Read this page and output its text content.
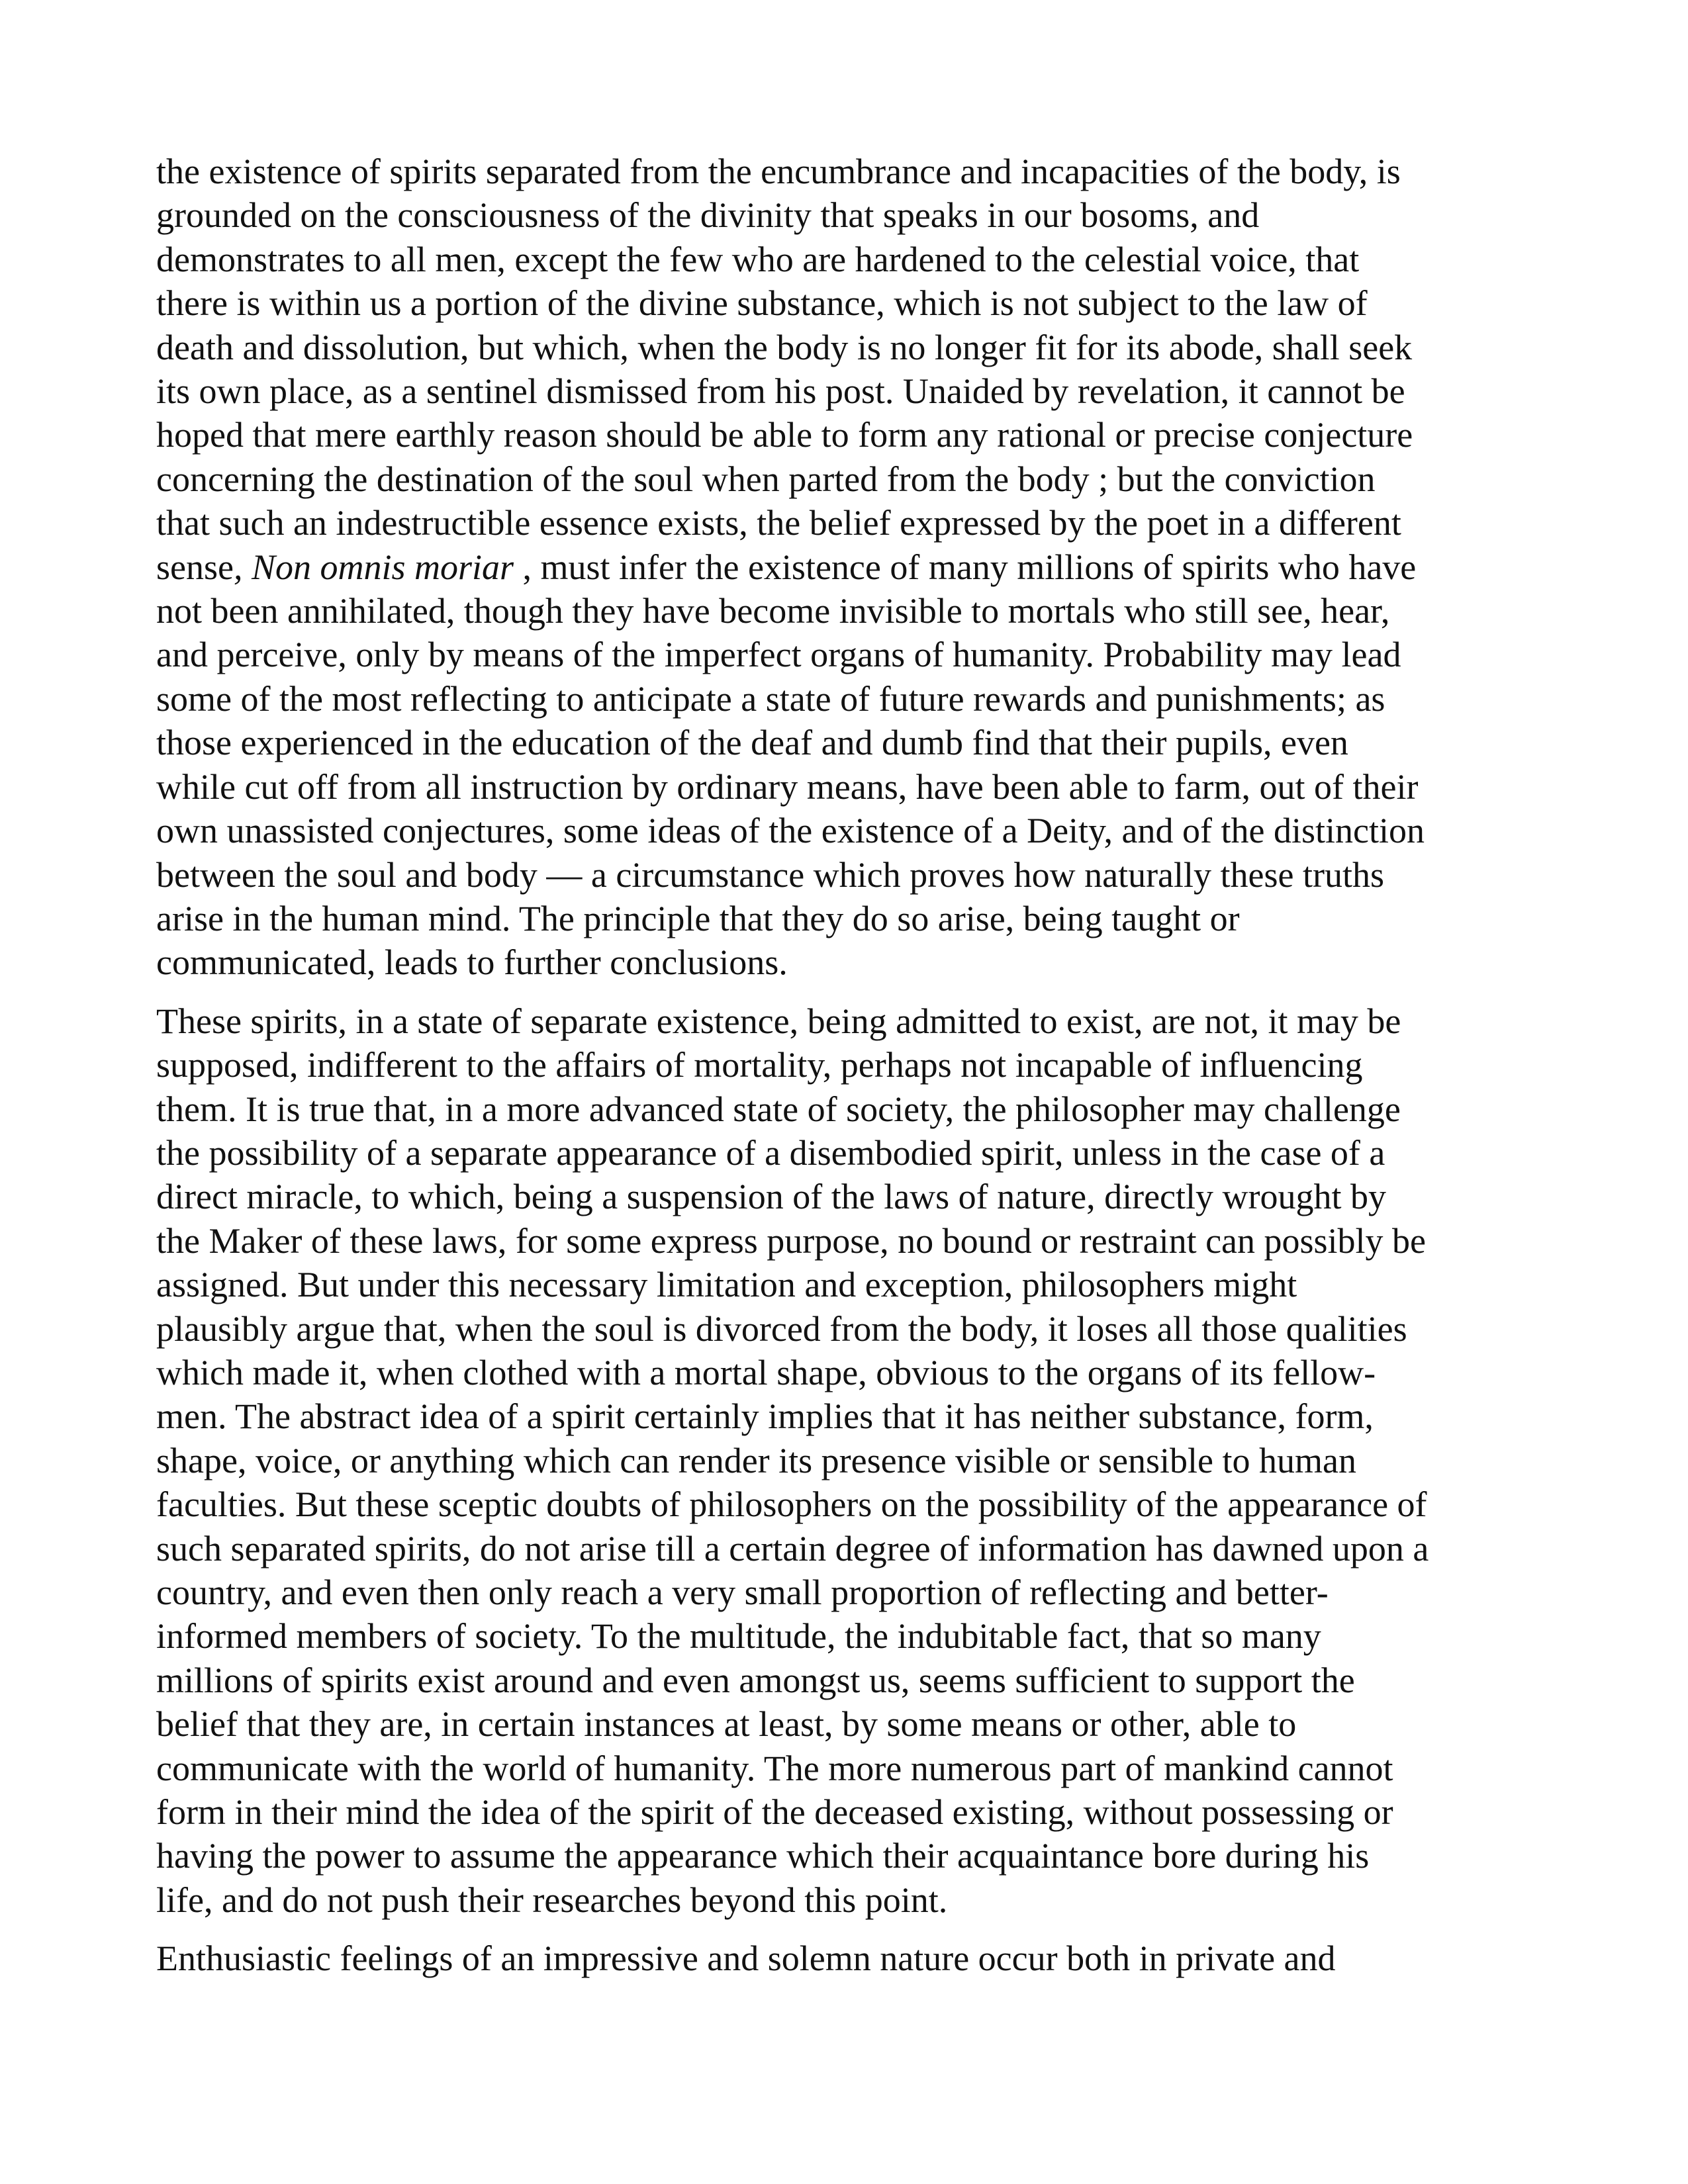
the existence of spirits separated from the encumbrance and incapacities of the body, is
grounded on the consciousness of the divinity that speaks in our bosoms, and
demonstrates to all men, except the few who are hardened to the celestial voice, that
there is within us a portion of the divine substance, which is not subject to the law of
death and dissolution, but which, when the body is no longer fit for its abode, shall seek
its own place, as a sentinel dismissed from his post. Unaided by revelation, it cannot be
hoped that mere earthly reason should be able to form any rational or precise conjecture
concerning the destination of the soul when parted from the body ; but the conviction
that such an indestructible essence exists, the belief expressed by the poet in a different
sense, Non omnis moriar , must infer the existence of many millions of spirits who have
not been annihilated, though they have become invisible to mortals who still see, hear,
and perceive, only by means of the imperfect organs of humanity. Probability may lead
some of the most reflecting to anticipate a state of future rewards and punishments; as
those experienced in the education of the deaf and dumb find that their pupils, even
while cut off from all instruction by ordinary means, have been able to farm, out of their
own unassisted conjectures, some ideas of the existence of a Deity, and of the distinction
between the soul and body — a circumstance which proves how naturally these truths
arise in the human mind. The principle that they do so arise, being taught or
communicated, leads to further conclusions.

These spirits, in a state of separate existence, being admitted to exist, are not, it may be
supposed, indifferent to the affairs of mortality, perhaps not incapable of influencing
them. It is true that, in a more advanced state of society, the philosopher may challenge
the possibility of a separate appearance of a disembodied spirit, unless in the case of a
direct miracle, to which, being a suspension of the laws of nature, directly wrought by
the Maker of these laws, for some express purpose, no bound or restraint can possibly be
assigned. But under this necessary limitation and exception, philosophers might
plausibly argue that, when the soul is divorced from the body, it loses all those qualities
which made it, when clothed with a mortal shape, obvious to the organs of its fellow-
men. The abstract idea of a spirit certainly implies that it has neither substance, form,
shape, voice, or anything which can render its presence visible or sensible to human
faculties. But these sceptic doubts of philosophers on the possibility of the appearance of
such separated spirits, do not arise till a certain degree of information has dawned upon a
country, and even then only reach a very small proportion of reflecting and better-
informed members of society. To the multitude, the indubitable fact, that so many
millions of spirits exist around and even amongst us, seems sufficient to support the
belief that they are, in certain instances at least, by some means or other, able to
communicate with the world of humanity. The more numerous part of mankind cannot
form in their mind the idea of the spirit of the deceased existing, without possessing or
having the power to assume the appearance which their acquaintance bore during his
life, and do not push their researches beyond this point.

Enthusiastic feelings of an impressive and solemn nature occur both in private and
